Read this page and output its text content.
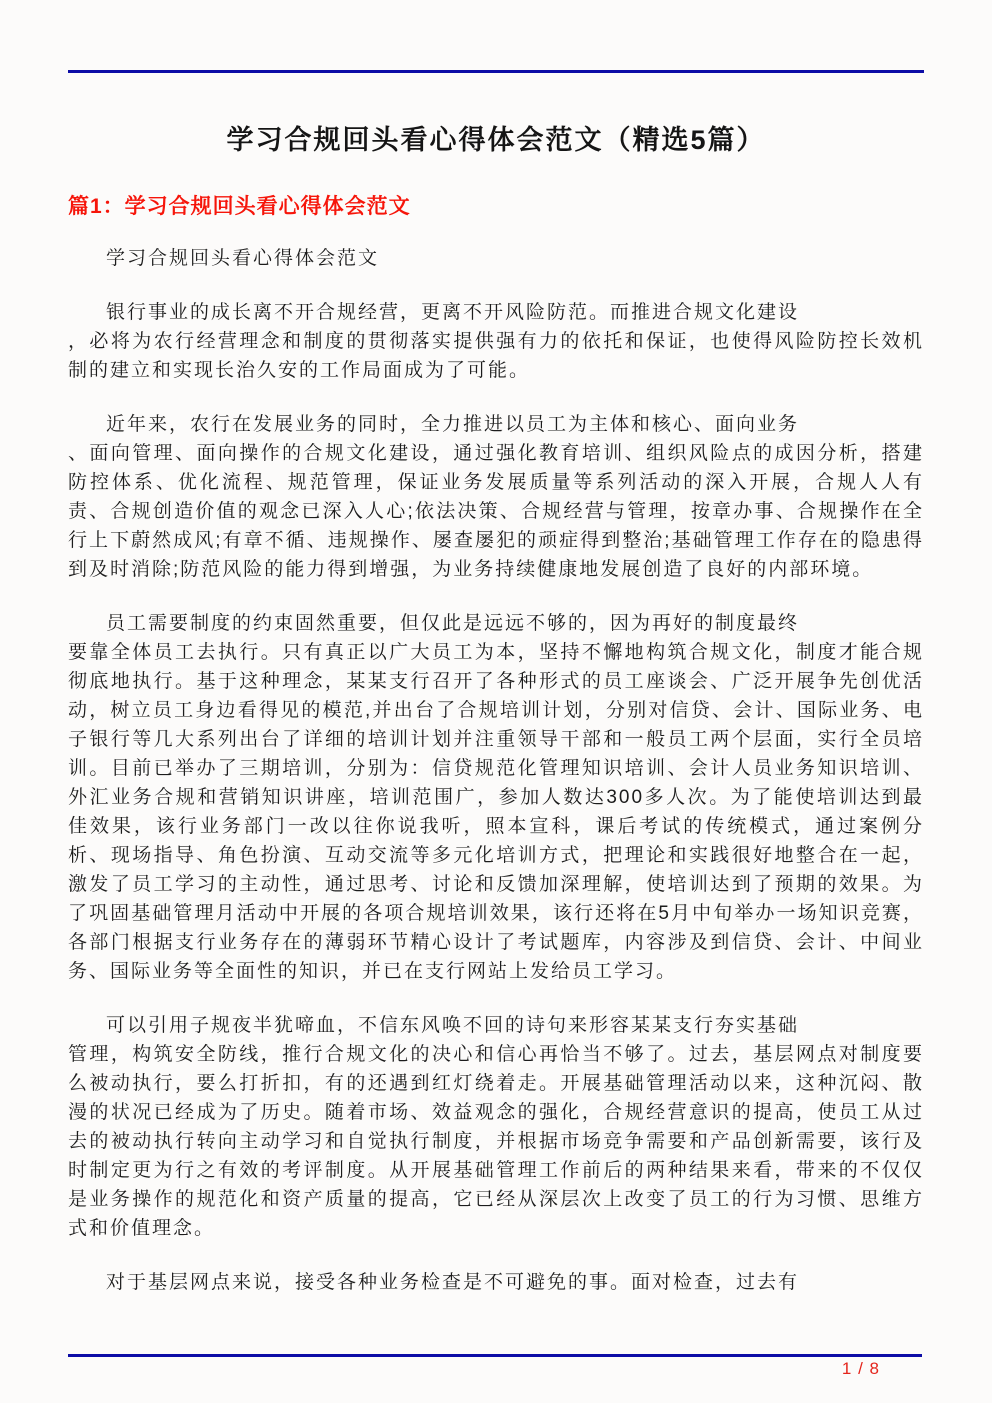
学习合规回头看心得体会范文（精选5篇）
篇1：学习合规回头看心得体会范文

学习合规回头看心得体会范文

银行事业的成长离不开合规经营，更离不开风险防范。而推进合规文化建设
，必将为农行经营理念和制度的贯彻落实提供强有力的依托和保证，也使得风险防控长效机制的建立和实现长治久安的工作局面成为了可能。

近年来，农行在发展业务的同时，全力推进以员工为主体和核心、面向业务
、面向管理、面向操作的合规文化建设，通过强化教育培训、组织风险点的成因分析，搭建防控体系、优化流程、规范管理，保证业务发展质量等系列活动的深入开展，合规人人有责、合规创造价值的观念已深入人心;依法决策、合规经营与管理，按章办事、合规操作在全行上下蔚然成风;有章不循、违规操作、屡查屡犯的顽症得到整治;基础管理工作存在的隐患得到及时消除;防范风险的能力得到增强，为业务持续健康地发展创造了良好的内部环境。

员工需要制度的约束固然重要，但仅此是远远不够的，因为再好的制度最终
要靠全体员工去执行。只有真正以广大员工为本，坚持不懈地构筑合规文化，制度才能合规彻底地执行。基于这种理念，某某支行召开了各种形式的员工座谈会、广泛开展争先创优活动，树立员工身边看得见的模范,并出台了合规培训计划，分别对信贷、会计、国际业务、电子银行等几大系列出台了详细的培训计划并注重领导干部和一般员工两个层面，实行全员培训。目前已举办了三期培训，分别为：信贷规范化管理知识培训、会计人员业务知识培训、外汇业务合规和营销知识讲座，培训范围广，参加人数达300多人次。为了能使培训达到最佳效果，该行业务部门一改以往你说我听，照本宣科，课后考试的传统模式，通过案例分析、现场指导、角色扮演、互动交流等多元化培训方式，把理论和实践很好地整合在一起，激发了员工学习的主动性，通过思考、讨论和反馈加深理解，使培训达到了预期的效果。为了巩固基础管理月活动中开展的各项合规培训效果，该行还将在5月中旬举办一场知识竞赛，各部门根据支行业务存在的薄弱环节精心设计了考试题库，内容涉及到信贷、会计、中间业务、国际业务等全面性的知识，并已在支行网站上发给员工学习。

可以引用子规夜半犹啼血，不信东风唤不回的诗句来形容某某支行夯实基础
管理，构筑安全防线，推行合规文化的决心和信心再恰当不够了。过去，基层网点对制度要么被动执行，要么打折扣，有的还遇到红灯绕着走。开展基础管理活动以来，这种沉闷、散漫的状况已经成为了历史。随着市场、效益观念的强化，合规经营意识的提高，使员工从过去的被动执行转向主动学习和自觉执行制度，并根据市场竞争需要和产品创新需要，该行及时制定更为行之有效的考评制度。从开展基础管理工作前后的两种结果来看，带来的不仅仅是业务操作的规范化和资产质量的提高，它已经从深层次上改变了员工的行为习惯、思维方式和价值理念。

对于基层网点来说，接受各种业务检查是不可避免的事。面对检查，过去有

1 / 8
